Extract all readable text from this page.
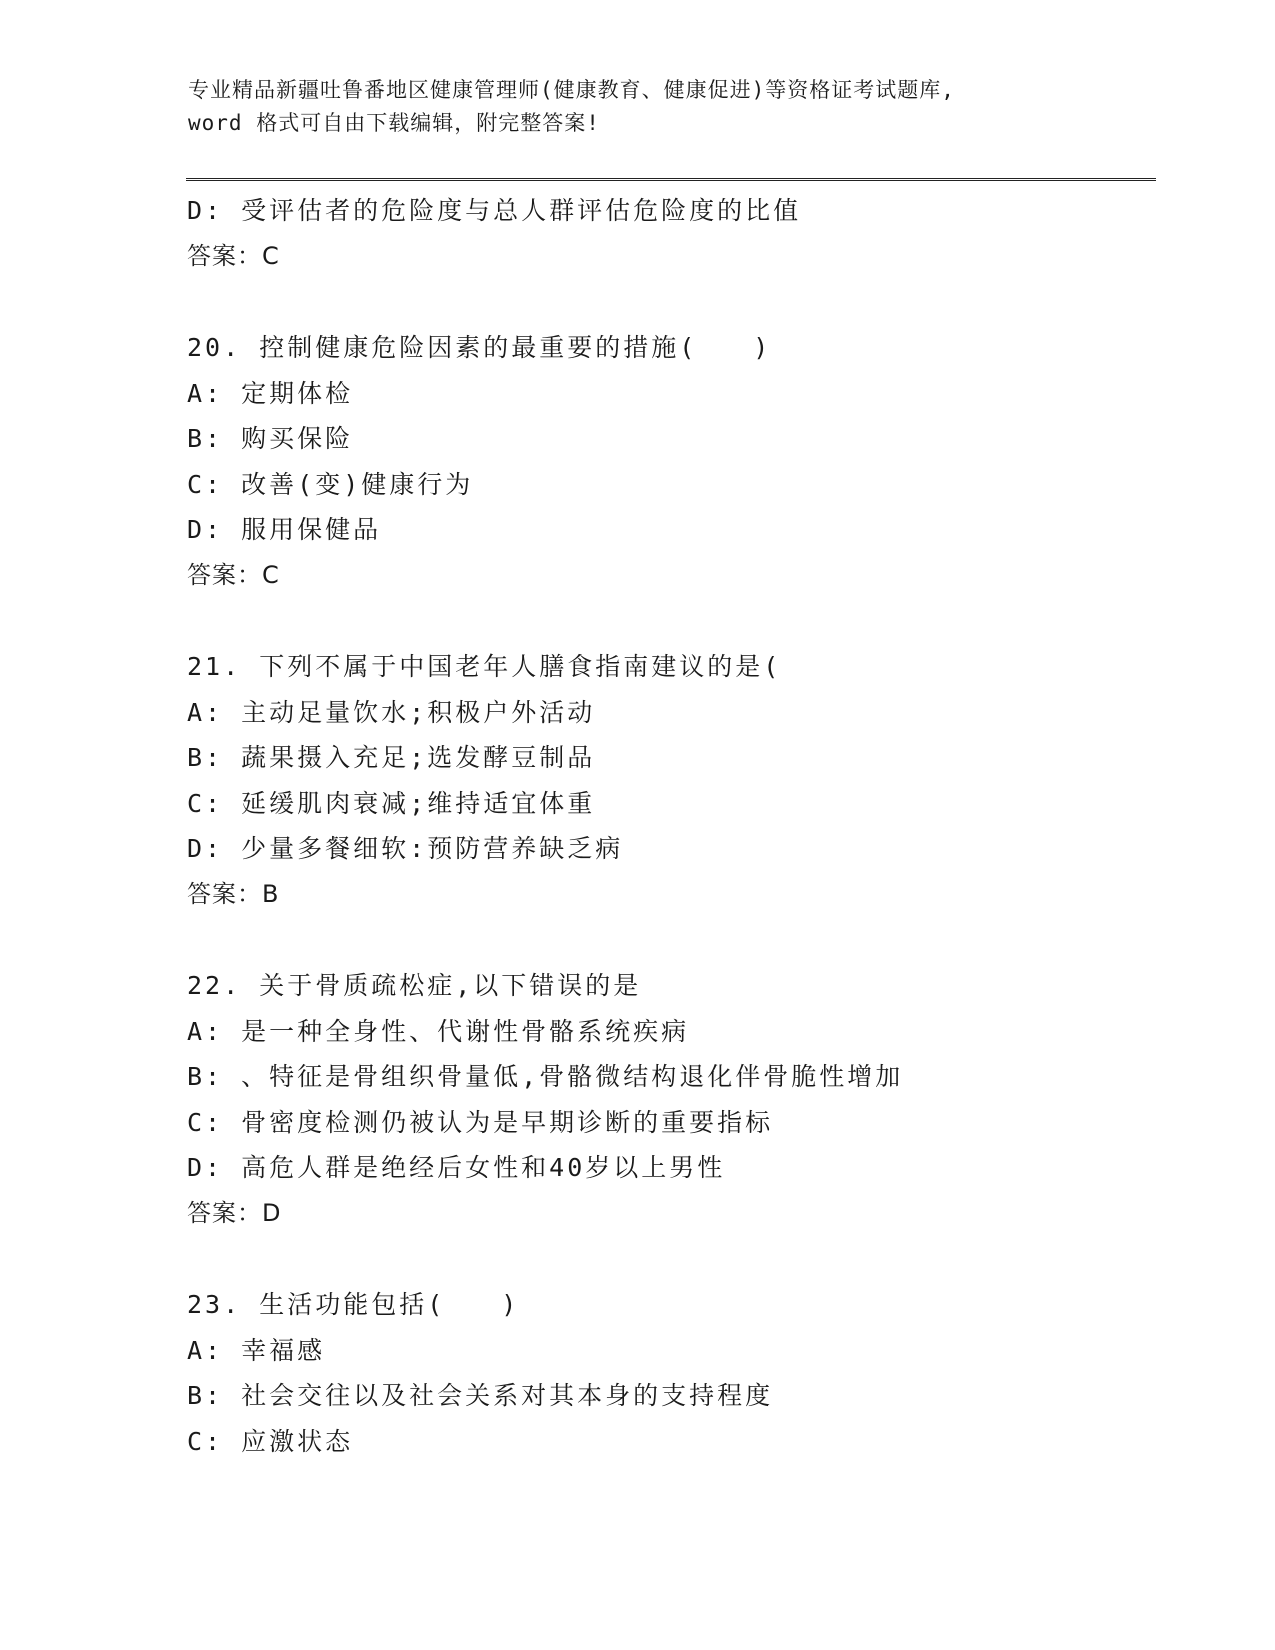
专业精品新疆吐鲁番地区健康管理师(健康教育、健康促进)等资格证考试题库,
word 格式可自由下载编辑，附完整答案!
D: 受评估者的危险度与总人群评估危险度的比值
答案：C
20. 控制健康危险因素的最重要的措施(　　)
A: 定期体检
B: 购买保险
C: 改善(变)健康行为
D: 服用保健品
答案：C
21. 下列不属于中国老年人膳食指南建议的是(
A: 主动足量饮水;积极户外活动
B: 蔬果摄入充足;选发酵豆制品
C: 延缓肌肉衰减;维持适宜体重
D: 少量多餐细软:预防营养缺乏病
答案：B
22. 关于骨质疏松症,以下错误的是
A: 是一种全身性、代谢性骨骼系统疾病
B: 、特征是骨组织骨量低,骨骼微结构退化伴骨脆性增加
C: 骨密度检测仍被认为是早期诊断的重要指标
D: 高危人群是绝经后女性和40岁以上男性
答案：D
23. 生活功能包括(　　)
A: 幸福感
B: 社会交往以及社会关系对其本身的支持程度
C: 应激状态
